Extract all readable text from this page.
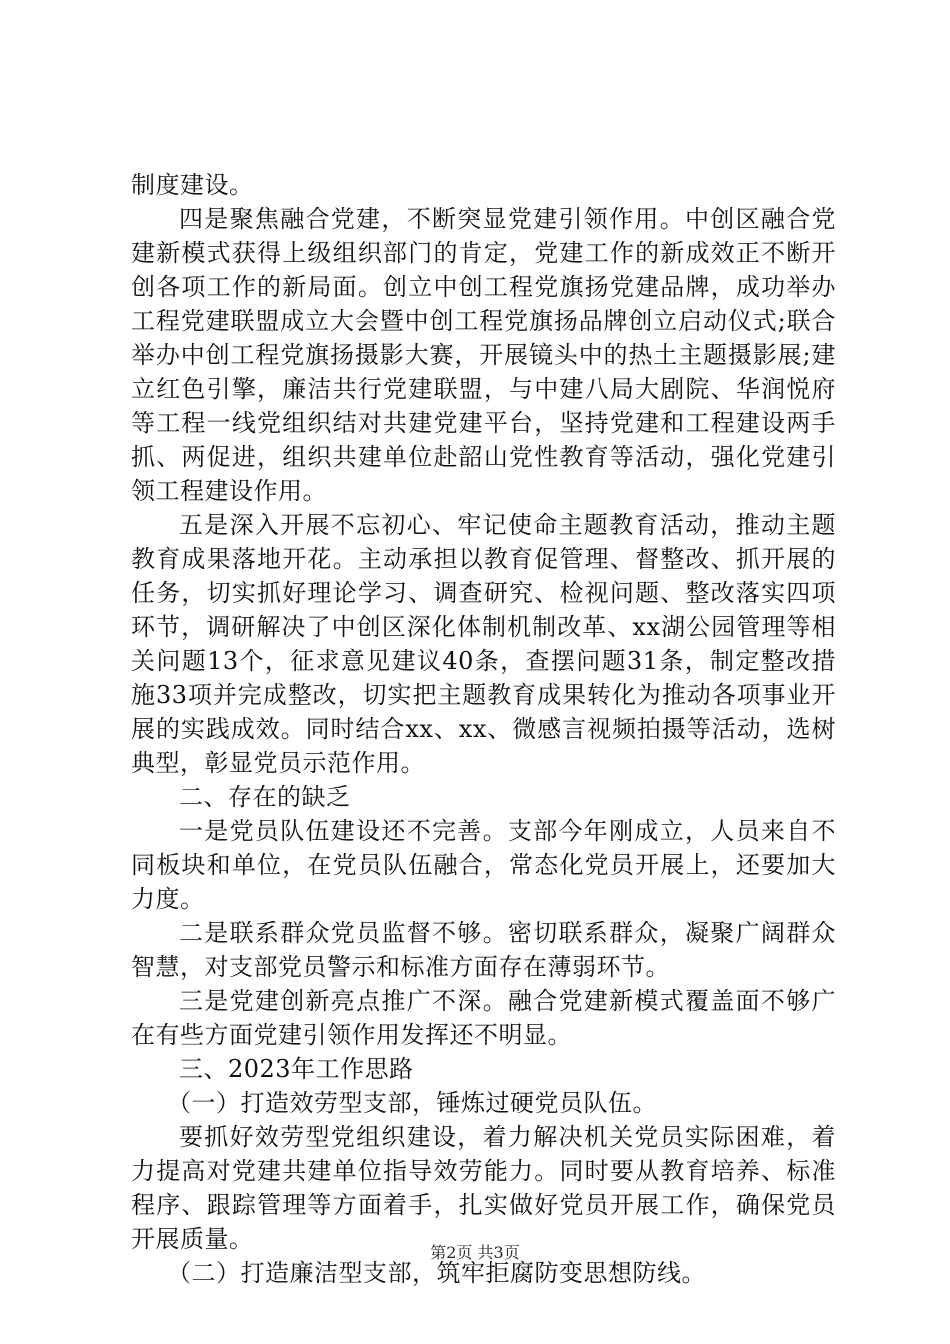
制度建设。

四是聚焦融合党建，不断突显党建引领作用。中创区融合党建新模式获得上级组织部门的肯定，党建工作的新成效正不断开创各项工作的新局面。创立中创工程党旗扬党建品牌，成功举办工程党建联盟成立大会暨中创工程党旗扬品牌创立启动仪式;联合举办中创工程党旗扬摄影大赛，开展镜头中的热土主题摄影展;建立红色引擎，廉洁共行党建联盟，与中建八局大剧院、华润悦府等工程一线党组织结对共建党建平台，坚持党建和工程建设两手抓、两促进，组织共建单位赴韶山党性教育等活动，强化党建引领工程建设作用。

五是深入开展不忘初心、牢记使命主题教育活动，推动主题教育成果落地开花。主动承担以教育促管理、督整改、抓开展的任务，切实抓好理论学习、调查研究、检视问题、整改落实四项环节，调研解决了中创区深化体制机制改革、xx湖公园管理等相关问题13个，征求意见建议40条，查摆问题31条，制定整改措施33项并完成整改，切实把主题教育成果转化为推动各项事业开展的实践成效。同时结合xx、xx、微感言视频拍摄等活动，选树典型，彰显党员示范作用。

二、存在的缺乏

一是党员队伍建设还不完善。支部今年刚成立，人员来自不同板块和单位，在党员队伍融合，常态化党员开展上，还要加大力度。

二是联系群众党员监督不够。密切联系群众，凝聚广阔群众智慧，对支部党员警示和标准方面存在薄弱环节。

三是党建创新亮点推广不深。融合党建新模式覆盖面不够广在有些方面党建引领作用发挥还不明显。

三、2023年工作思路

（一）打造效劳型支部，锤炼过硬党员队伍。

要抓好效劳型党组织建设，着力解决机关党员实际困难，着力提高对党建共建单位指导效劳能力。同时要从教育培养、标准程序、跟踪管理等方面着手，扎实做好党员开展工作，确保党员开展质量。

（二）打造廉洁型支部，筑牢拒腐防变思想防线。

第2页 共3页
